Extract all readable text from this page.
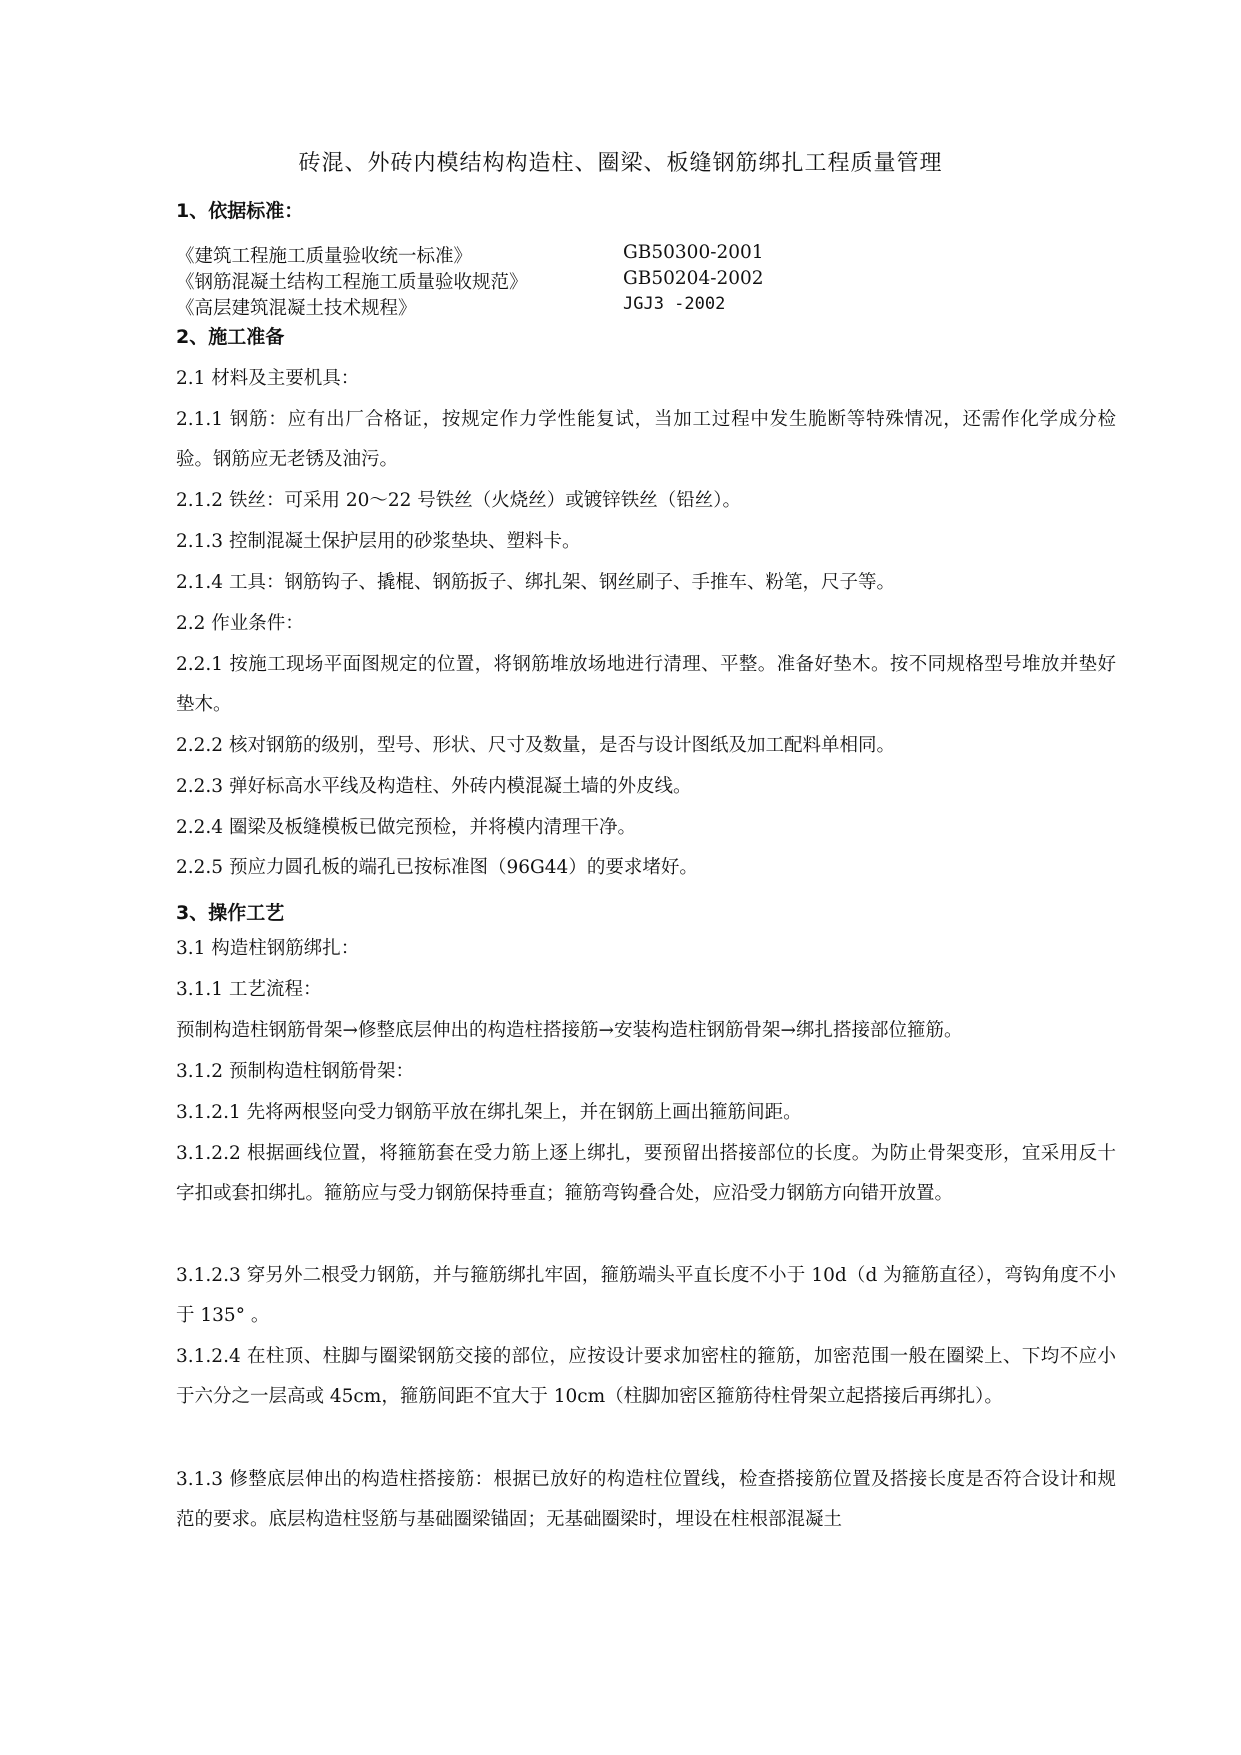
砖混、外砖内模结构构造柱、圈梁、板缝钢筋绑扎工程质量管理
1、依据标准：
《建筑工程施工质量验收统一标准》	GB50300-2001
《钢筋混凝土结构工程施工质量验收规范》	GB50204-2002
《高层建筑混凝土技术规程》	JGJ3 -2002
2、施工准备
2.1 材料及主要机具：
2.1.1 钢筋：应有出厂合格证，按规定作力学性能复试，当加工过程中发生脆断等特殊情况，还需作化学成分检验。钢筋应无老锈及油污。
2.1.2 铁丝：可采用 20～22 号铁丝（火烧丝）或镀锌铁丝（铅丝）。
2.1.3 控制混凝土保护层用的砂浆垫块、塑料卡。
2.1.4 工具：钢筋钩子、撬棍、钢筋扳子、绑扎架、钢丝刷子、手推车、粉笔，尺子等。
2.2 作业条件：
2.2.1 按施工现场平面图规定的位置，将钢筋堆放场地进行清理、平整。准备好垫木。按不同规格型号堆放并垫好垫木。
2.2.2 核对钢筋的级别，型号、形状、尺寸及数量，是否与设计图纸及加工配料单相同。
2.2.3 弹好标高水平线及构造柱、外砖内模混凝土墙的外皮线。
2.2.4 圈梁及板缝模板已做完预检，并将模内清理干净。
2.2.5 预应力圆孔板的端孔已按标准图（96G44）的要求堵好。
3、操作工艺
3.1 构造柱钢筋绑扎：
3.1.1 工艺流程：
预制构造柱钢筋骨架→修整底层伸出的构造柱搭接筋→安装构造柱钢筋骨架→绑扎搭接部位箍筋。
3.1.2 预制构造柱钢筋骨架：
3.1.2.1 先将两根竖向受力钢筋平放在绑扎架上，并在钢筋上画出箍筋间距。
3.1.2.2 根据画线位置，将箍筋套在受力筋上逐上绑扎，要预留出搭接部位的长度。为防止骨架变形，宜采用反十字扣或套扣绑扎。箍筋应与受力钢筋保持垂直；箍筋弯钩叠合处，应沿受力钢筋方向错开放置。
3.1.2.3 穿另外二根受力钢筋，并与箍筋绑扎牢固，箍筋端头平直长度不小于 10d（d 为箍筋直径），弯钩角度不小于 135° 。
3.1.2.4 在柱顶、柱脚与圈梁钢筋交接的部位，应按设计要求加密柱的箍筋，加密范围一般在圈梁上、下均不应小于六分之一层高或 45cm，箍筋间距不宜大于 10cm（柱脚加密区箍筋待柱骨架立起搭接后再绑扎）。
3.1.3 修整底层伸出的构造柱搭接筋：根据已放好的构造柱位置线，检查搭接筋位置及搭接长度是否符合设计和规范的要求。底层构造柱竖筋与基础圈梁锚固；无基础圈梁时，埋设在柱根部混凝土
